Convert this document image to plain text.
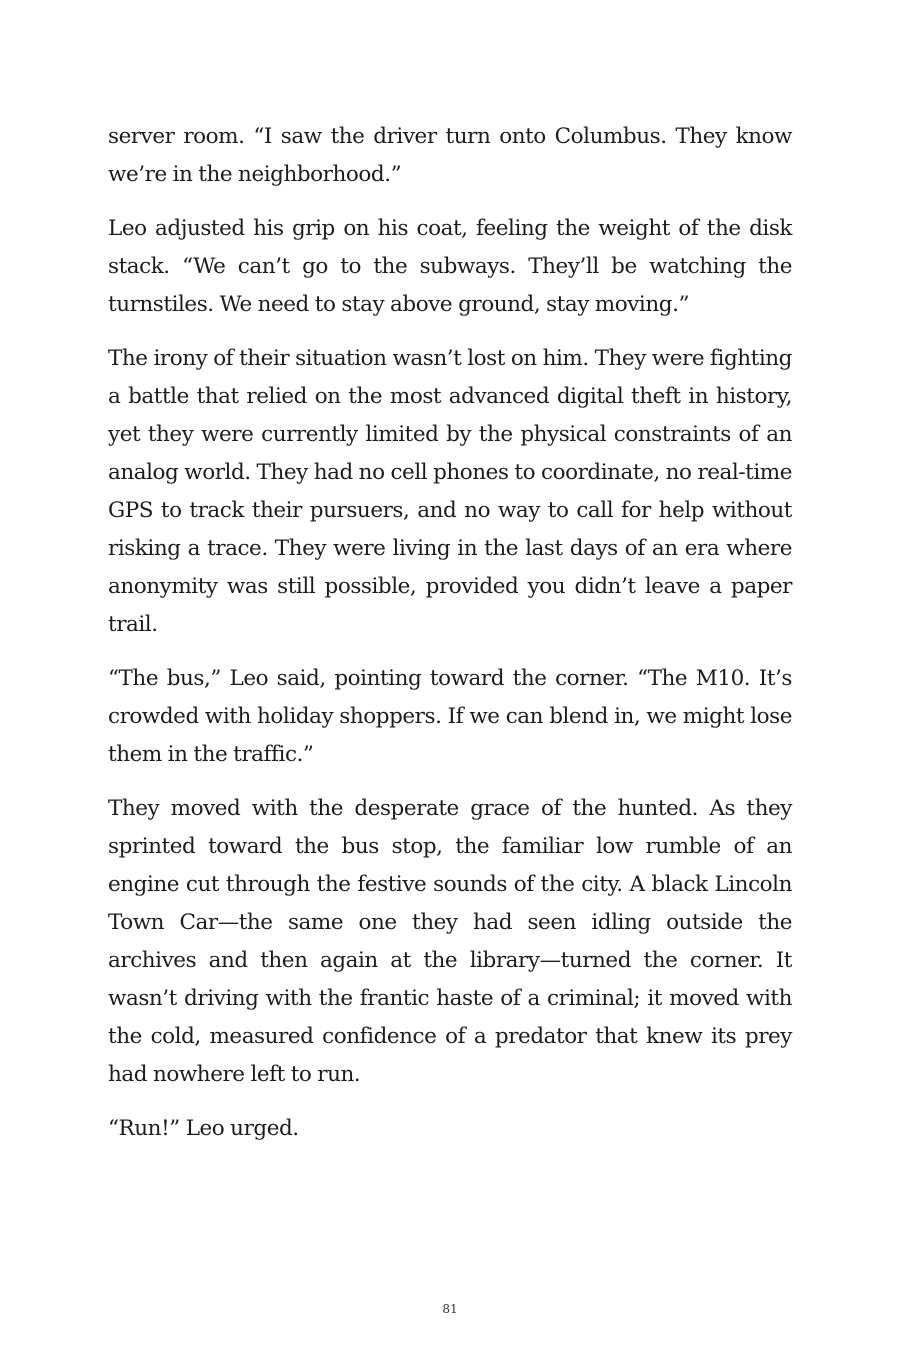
server room. “I saw the driver turn onto Columbus. They know we’re in the neighborhood.”

Leo adjusted his grip on his coat, feeling the weight of the disk stack. “We can’t go to the subways. They’ll be watching the turnstiles. We need to stay above ground, stay moving.”

The irony of their situation wasn’t lost on him. They were fighting a battle that relied on the most advanced digital theft in history, yet they were currently limited by the physical constraints of an analog world. They had no cell phones to coordinate, no real-time GPS to track their pursuers, and no way to call for help without risking a trace. They were living in the last days of an era where anonymity was still possible, provided you didn’t leave a paper trail.

“The bus,” Leo said, pointing toward the corner. “The M10. It’s crowded with holiday shoppers. If we can blend in, we might lose them in the traffic.”

They moved with the desperate grace of the hunted. As they sprinted toward the bus stop, the familiar low rumble of an engine cut through the festive sounds of the city. A black Lincoln Town Car—the same one they had seen idling outside the archives and then again at the library—turned the corner. It wasn’t driving with the frantic haste of a criminal; it moved with the cold, measured confidence of a predator that knew its prey had nowhere left to run.

“Run!” Leo urged.

81
